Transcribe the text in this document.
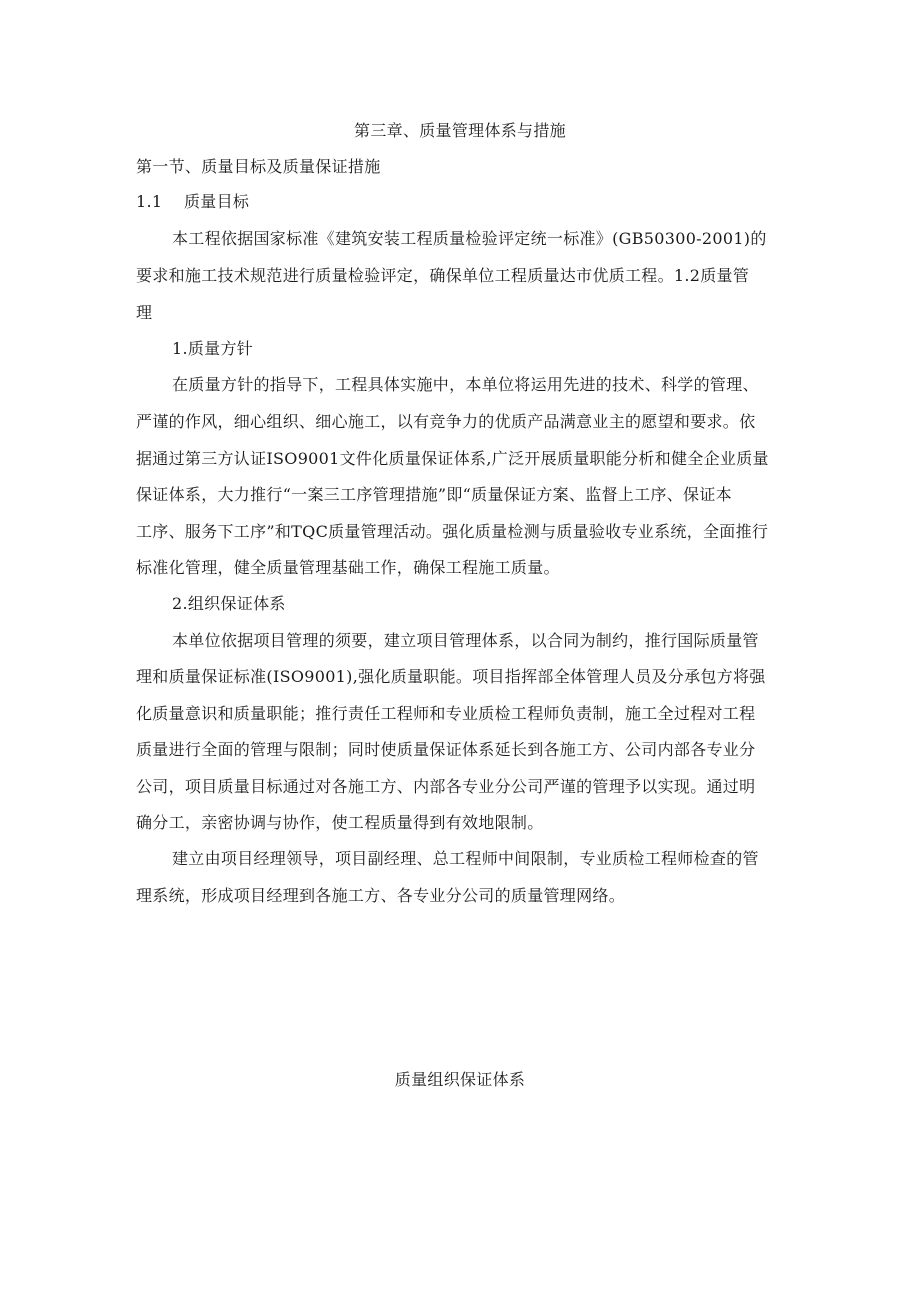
第三章、质量管理体系与措施
第一节、质量目标及质量保证措施
1.1 质量目标
本工程依据国家标准《建筑安装工程质量检验评定统一标准》(GB50300-2001)的
要求和施工技术规范进行质量检验评定，确保单位工程质量达市优质工程。1.2质量管
理
1.质量方针
在质量方针的指导下，工程具体实施中，本单位将运用先进的技术、科学的管理、
严谨的作风，细心组织、细心施工，以有竞争力的优质产品满意业主的愿望和要求。依
据通过第三方认证ISO9001文件化质量保证体系,广泛开展质量职能分析和健全企业质量
保证体系，大力推行“一案三工序管理措施”即“质量保证方案、监督上工序、保证本
工序、服务下工序”和TQC质量管理活动。强化质量检测与质量验收专业系统，全面推行
标准化管理，健全质量管理基础工作，确保工程施工质量。
2.组织保证体系
本单位依据项目管理的须要，建立项目管理体系，以合同为制约，推行国际质量管
理和质量保证标准(ISO9001),强化质量职能。项目指挥部全体管理人员及分承包方将强
化质量意识和质量职能；推行责任工程师和专业质检工程师负责制，施工全过程对工程
质量进行全面的管理与限制；同时使质量保证体系延长到各施工方、公司内部各专业分
公司，项目质量目标通过对各施工方、内部各专业分公司严谨的管理予以实现。通过明
确分工，亲密协调与协作，使工程质量得到有效地限制。
建立由项目经理领导，项目副经理、总工程师中间限制，专业质检工程师检查的管
理系统，形成项目经理到各施工方、各专业分公司的质量管理网络。
质量组织保证体系
